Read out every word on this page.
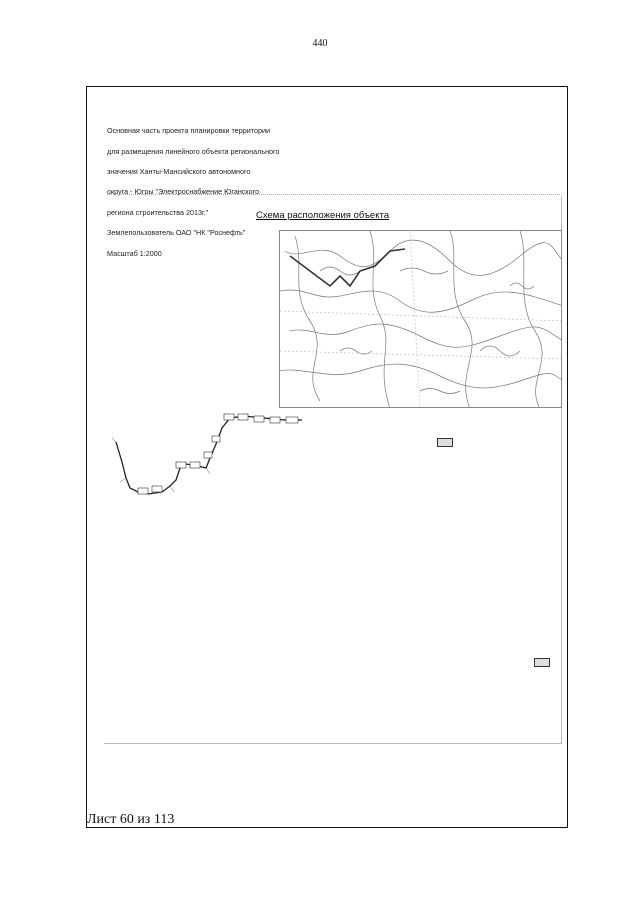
440

Основная часть проекта планировки территории

для размещения линейного объекта регионального

значения Ханты-Мансийского автономного

округа - Югры "Электроснабжение Юганского

региона строительства 2013г."

Землепользователь ОАО "НК "Роснефть"

Масштаб 1:2000

Схема расположения объекта
Лист 60 из 113
